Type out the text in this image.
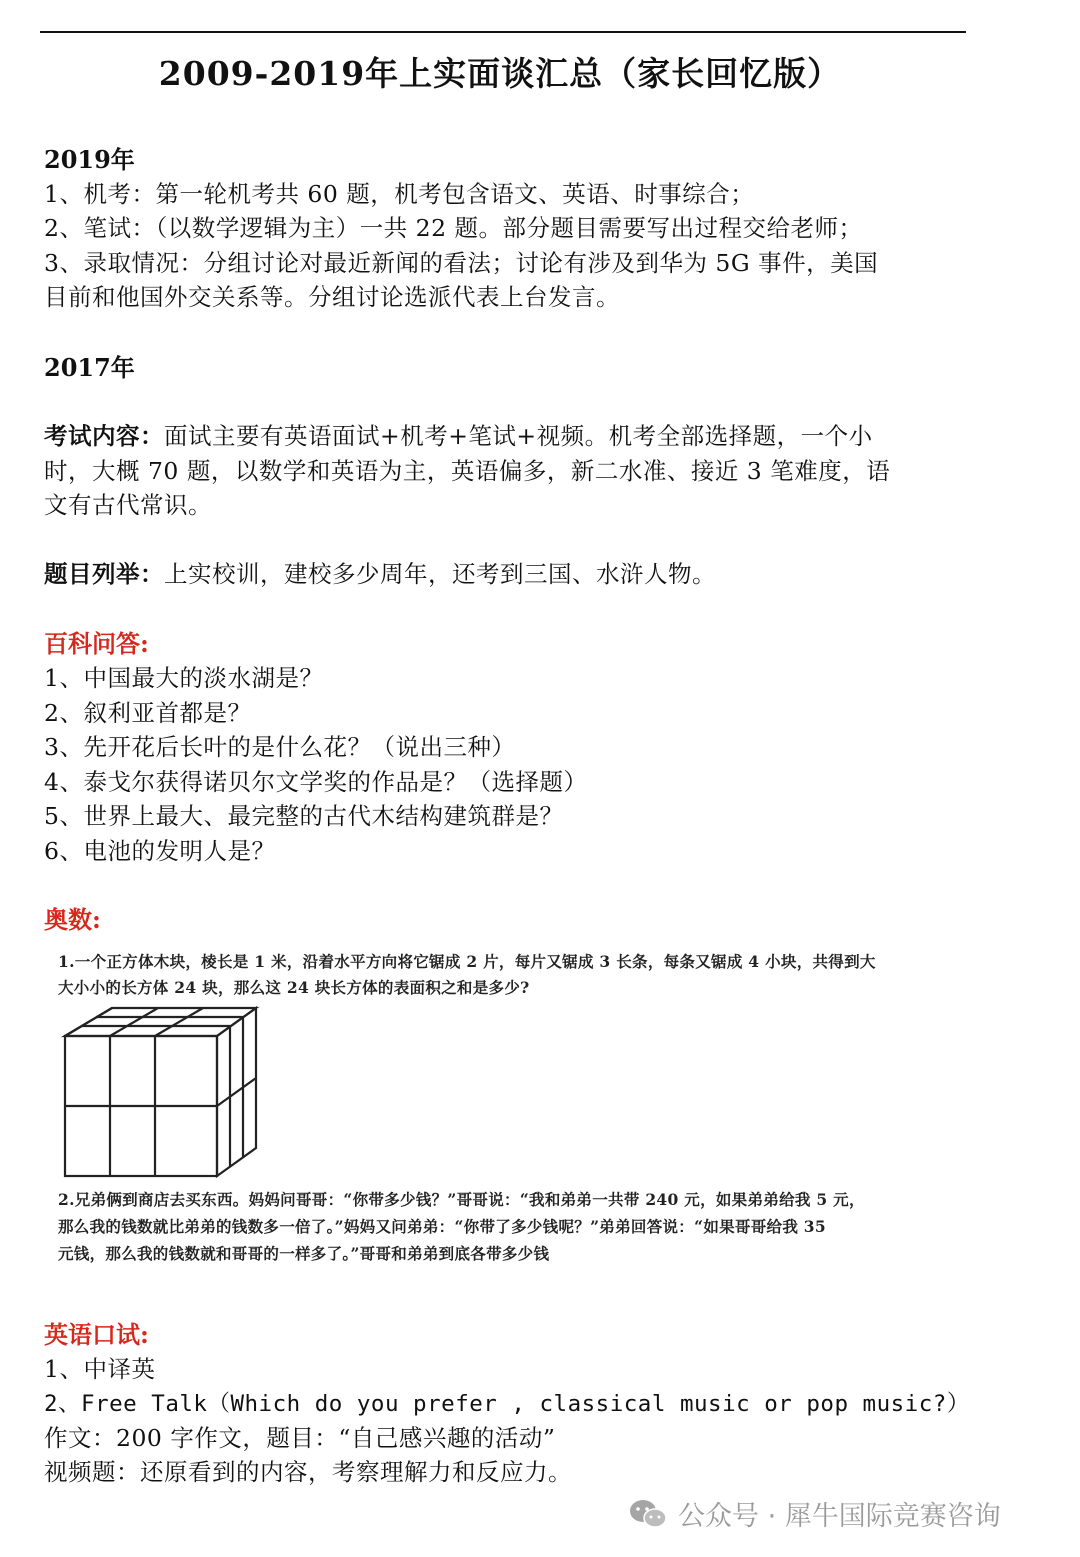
2009-2019年上实面谈汇总（家长回忆版）
2019年
1、机考：第一轮机考共 60 题，机考包含语文、英语、时事综合；
2、笔试：（以数学逻辑为主）一共 22 题。部分题目需要写出过程交给老师；
3、录取情况：分组讨论对最近新闻的看法；讨论有涉及到华为 5G 事件，美国
目前和他国外交关系等。分组讨论选派代表上台发言。
2017年
考试内容：面试主要有英语面试+机考+笔试+视频。机考全部选择题，一个小
时，大概 70 题，以数学和英语为主，英语偏多，新二水准、接近 3 笔难度，语
文有古代常识。
题目列举：上实校训，建校多少周年，还考到三国、水浒人物。
百科问答:
1、中国最大的淡水湖是？
2、叙利亚首都是？
3、先开花后长叶的是什么花？（说出三种）
4、泰戈尔获得诺贝尔文学奖的作品是？（选择题）
5、世界上最大、最完整的古代木结构建筑群是？
6、电池的发明人是？
奥数:
1.一个正方体木块，棱长是 1 米，沿着水平方向将它锯成 2 片，每片又锯成 3 长条，每条又锯成 4 小块，共得到大
大小小的长方体 24 块，那么这 24 块长方体的表面积之和是多少?
2.兄弟俩到商店去买东西。妈妈问哥哥：“你带多少钱？”哥哥说：“我和弟弟一共带 240 元，如果弟弟给我 5 元，
那么我的钱数就比弟弟的钱数多一倍了。”妈妈又问弟弟：“你带了多少钱呢？”弟弟回答说：“如果哥哥给我 35
元钱，那么我的钱数就和哥哥的一样多了。”哥哥和弟弟到底各带多少钱
英语口试:
1、中译英
2、Free Talk（Which do you prefer , classical music or pop music?）
作文：200 字作文，题目：“自己感兴趣的活动”
视频题：还原看到的内容，考察理解力和反应力。
公众号 · 犀牛国际竞赛咨询
